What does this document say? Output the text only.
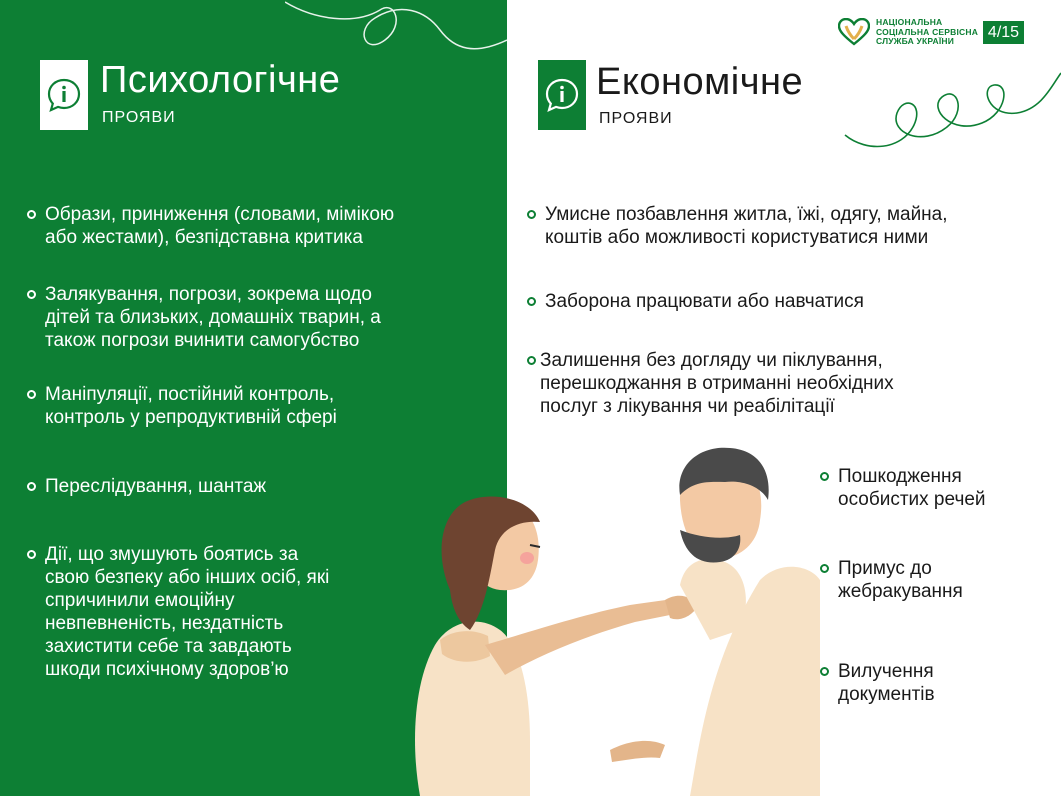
Психологічне
ПРОЯВИ
Образи, приниження (словами, мімікою
або жестами), безпідставна критика
Залякування, погрози, зокрема щодо
дітей та близьких, домашніх тварин, а
також погрози вчинити самогубство
Маніпуляції, постійний контроль,
контроль у репродуктивній сфері
Переслідування, шантаж
Дії, що змушують боятись за
свою безпеку або інших осіб, які
спричинили емоційну
невпевненість, нездатність
захистити себе та завдають
шкоди психічному здоров’ю
Економічне
ПРОЯВИ
Умисне позбавлення житла, їжі, одягу, майна,
коштів або можливості користуватися ними
Заборона працювати або навчатися
Залишення без догляду чи піклування,
перешкоджання в отриманні необхідних
послуг з лікування чи реабілітації
Пошкодження
особистих речей
Примус до
жебракування
Вилучення
документів
НАЦІОНАЛЬНА
СОЦІАЛЬНА СЕРВІСНА
СЛУЖБА УКРАЇНИ
4/15
